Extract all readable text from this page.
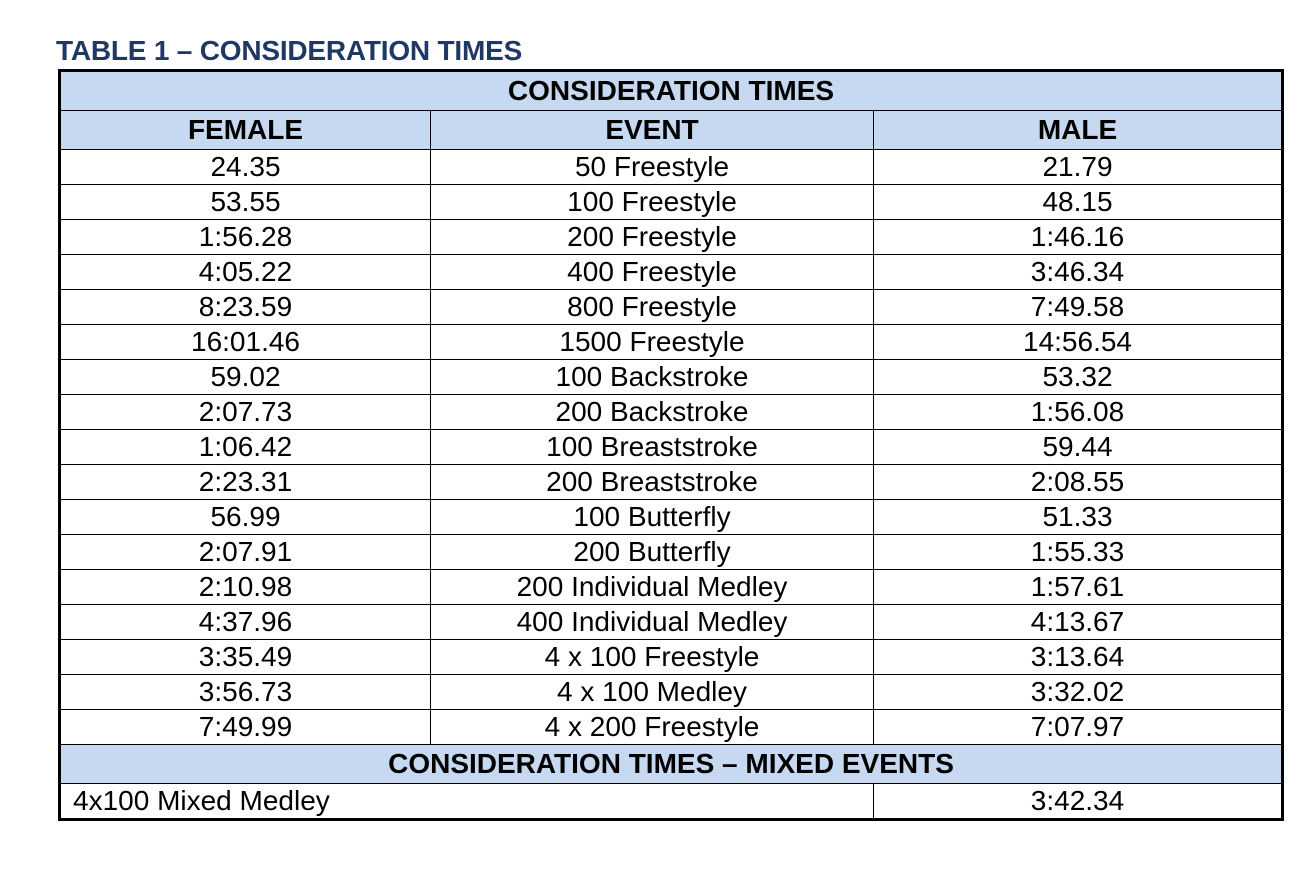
TABLE 1 – CONSIDERATION TIMES
CONSIDERATION TIMES		
FEMALE	EVENT	MALE
24.35	50 Freestyle	21.79
53.55	100 Freestyle	48.15
1:56.28	200 Freestyle	1:46.16
4:05.22	400 Freestyle	3:46.34
8:23.59	800 Freestyle	7:49.58
16:01.46	1500 Freestyle	14:56.54
59.02	100 Backstroke	53.32
2:07.73	200 Backstroke	1:56.08
1:06.42	100 Breaststroke	59.44
2:23.31	200 Breaststroke	2:08.55
56.99	100 Butterfly	51.33
2:07.91	200 Butterfly	1:55.33
2:10.98	200 Individual Medley	1:57.61
4:37.96	400 Individual Medley	4:13.67
3:35.49	4 x 100 Freestyle	3:13.64
3:56.73	4 x 100 Medley	3:32.02
7:49.99	4 x 200 Freestyle	7:07.97
CONSIDERATION TIMES – MIXED EVENTS		
4x100 Mixed Medley		3:42.34
